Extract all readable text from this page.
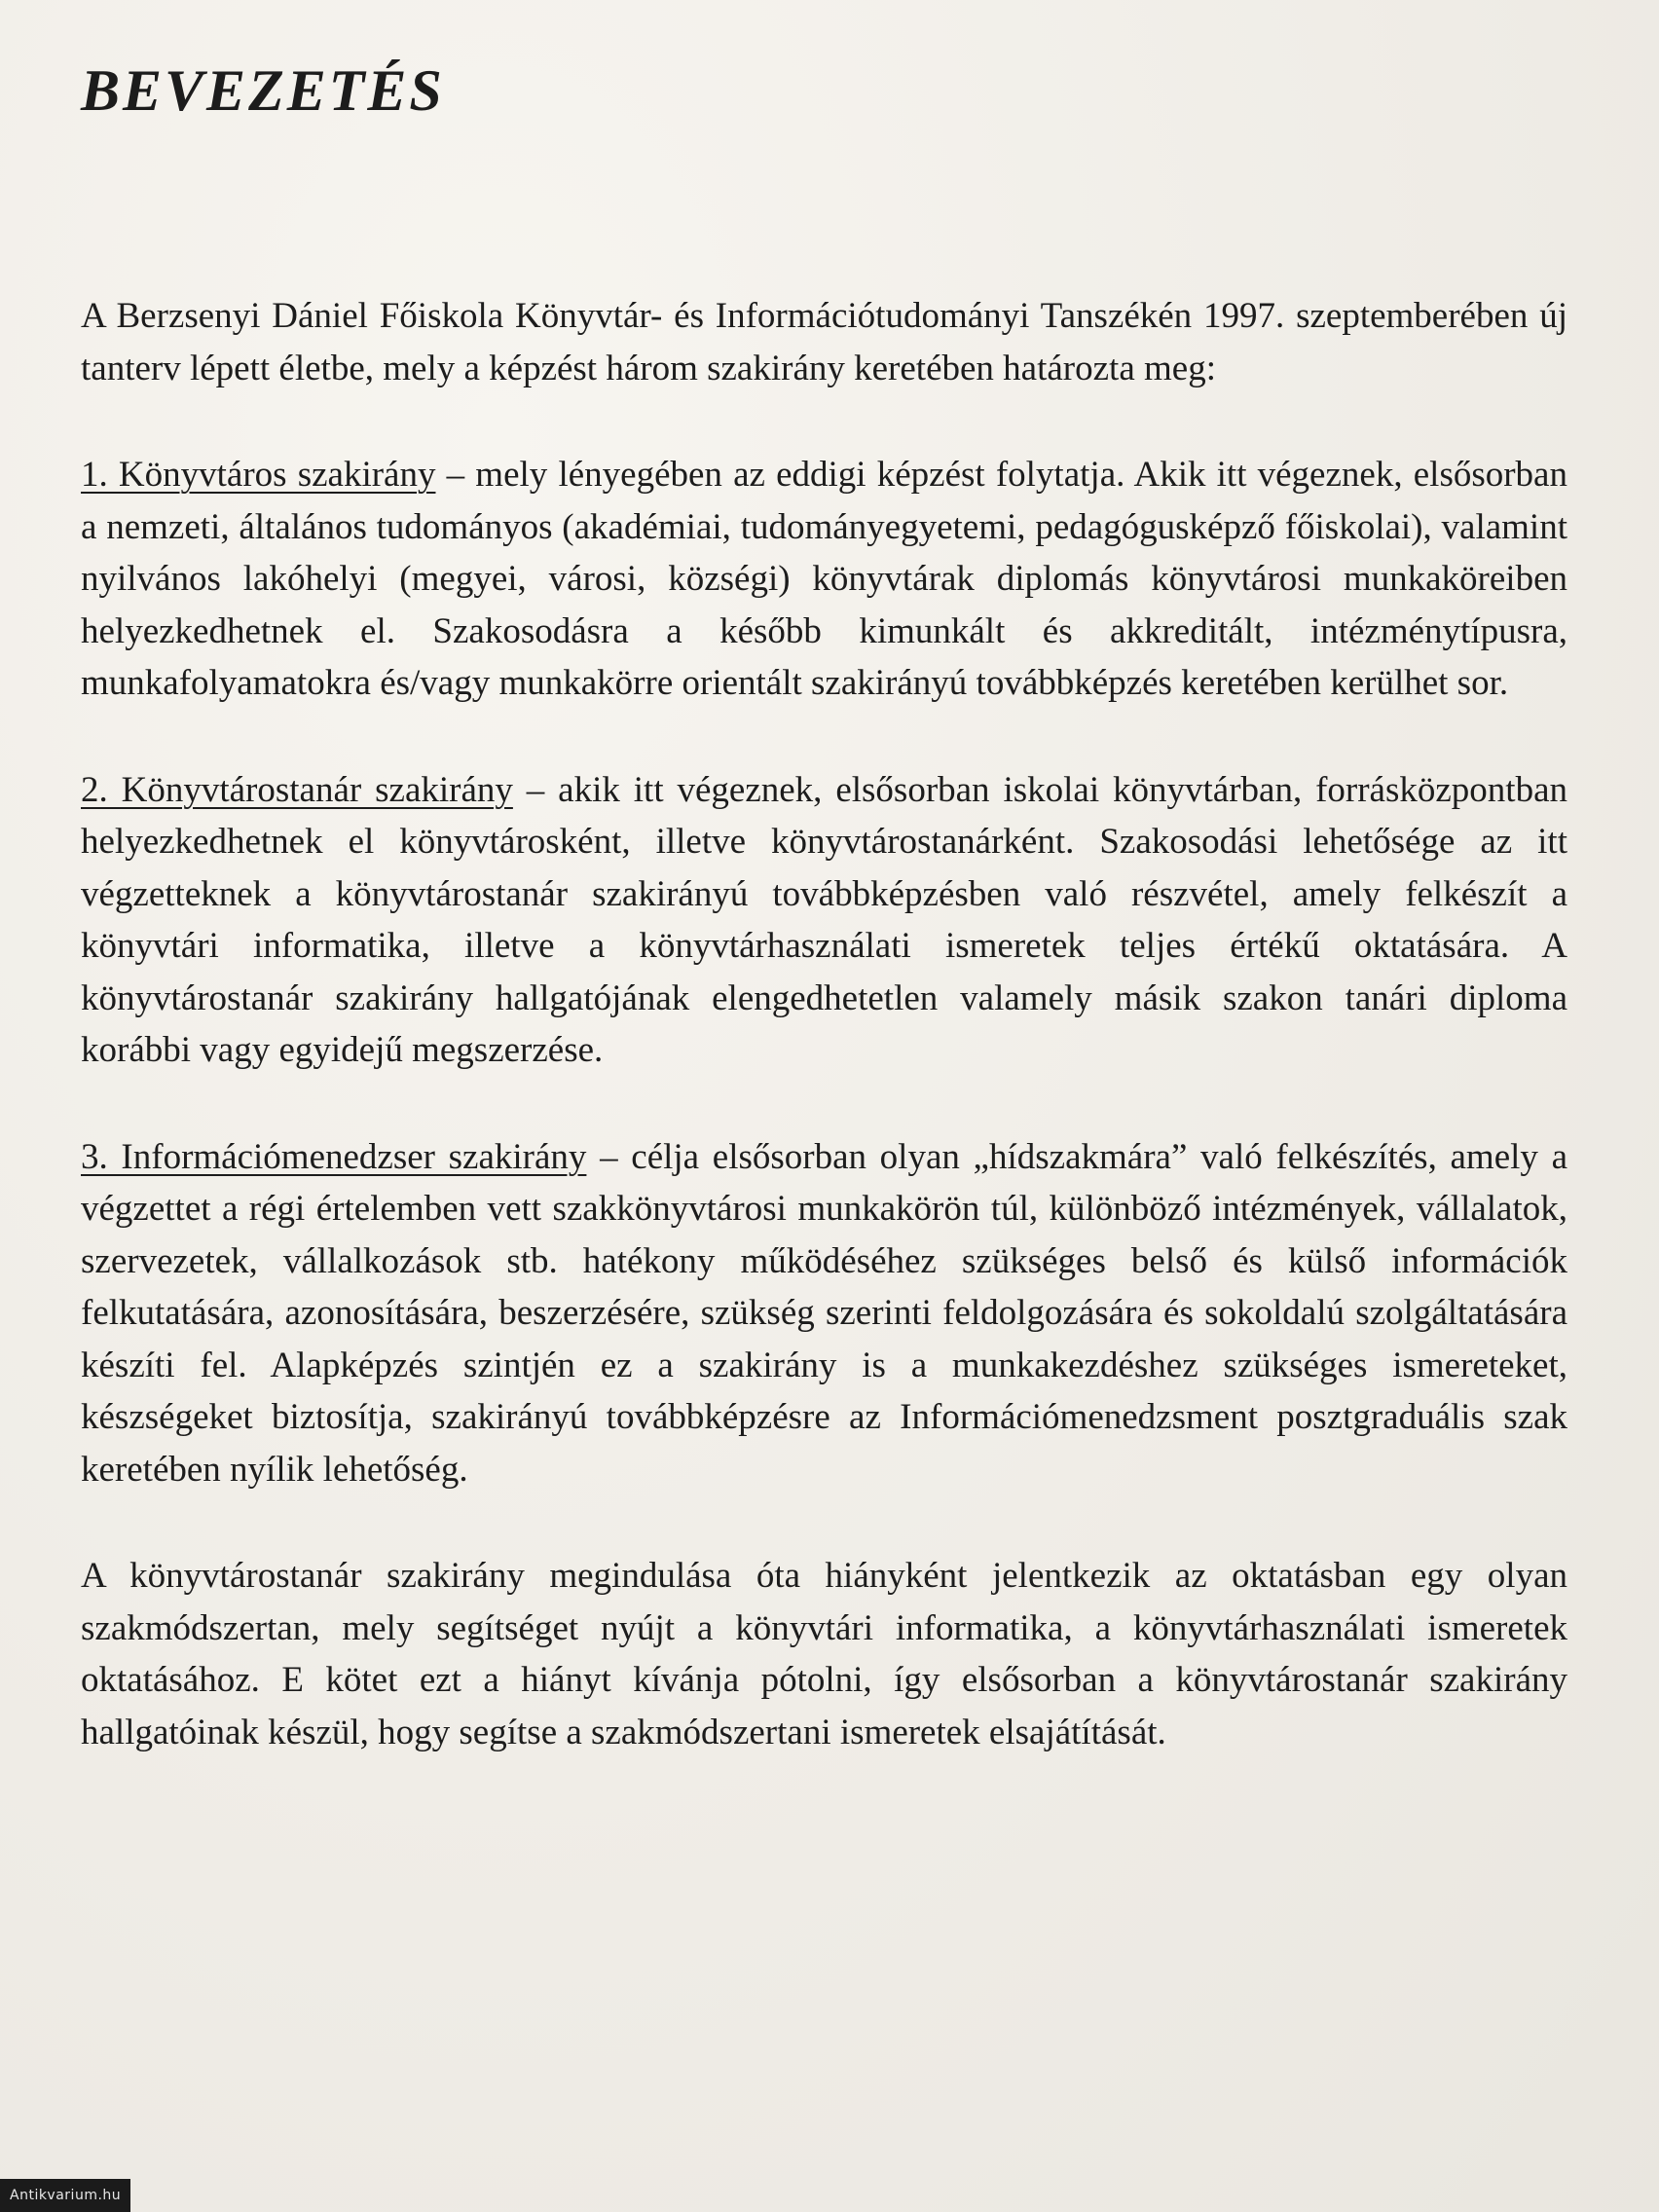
BEVEZETÉS

A Berzsenyi Dániel Főiskola Könyvtár- és Információtudományi Tanszékén 1997. szeptemberében új tanterv lépett életbe, mely a képzést három szakirány keretében határozta meg:

1. Könyvtáros szakirány – mely lényegében az eddigi képzést folytatja. Akik itt végeznek, elsősorban a nemzeti, általános tudományos (akadémiai, tudományegyetemi, pedagógusképző főiskolai), valamint nyilvános lakóhelyi (megyei, városi, községi) könyvtárak diplomás könyvtárosi munkaköreiben helyezkedhetnek el. Szakosodásra a később kimunkált és akkreditált, intézménytípusra, munkafolyamatokra és/vagy munkakörre orientált szakirányú továbbképzés keretében kerülhet sor.

2. Könyvtárostanár szakirány – akik itt végeznek, elsősorban iskolai könyvtárban, forrásközpontban helyezkedhetnek el könyvtárosként, illetve könyvtárostanárként. Szakosodási lehetősége az itt végzetteknek a könyvtárostanár szakirányú továbbképzésben való részvétel, amely felkészít a könyvtári informatika, illetve a könyvtárhasználati ismeretek teljes értékű oktatására. A könyvtárostanár szakirány hallgatójának elengedhetetlen valamely másik szakon tanári diploma korábbi vagy egyidejű megszerzése.

3. Információmenedzser szakirány – célja elsősorban olyan „hídszakmára” való felkészítés, amely a végzettet a régi értelemben vett szakkönyvtárosi munkakörön túl, különböző intézmények, vállalatok, szervezetek, vállalkozások stb. hatékony működéséhez szükséges belső és külső információk felkutatására, azonosítására, beszerzésére, szükség szerinti feldolgozására és sokoldalú szolgáltatására készíti fel. Alapképzés szintjén ez a szakirány is a munkakezdéshez szükséges ismereteket, készségeket biztosítja, szakirányú továbbképzésre az Információmenedzsment posztgraduális szak keretében nyílik lehetőség.

A könyvtárostanár szakirány megindulása óta hiányként jelentkezik az oktatásban egy olyan szakmódszertan, mely segítséget nyújt a könyvtári informatika, a könyvtárhasználati ismeretek oktatásához. E kötet ezt a hiányt kívánja pótolni, így elsősorban a könyvtárostanár szakirány hallgatóinak készül, hogy segítse a szakmódszertani ismeretek elsajátítását.

Antikvarium.hu
